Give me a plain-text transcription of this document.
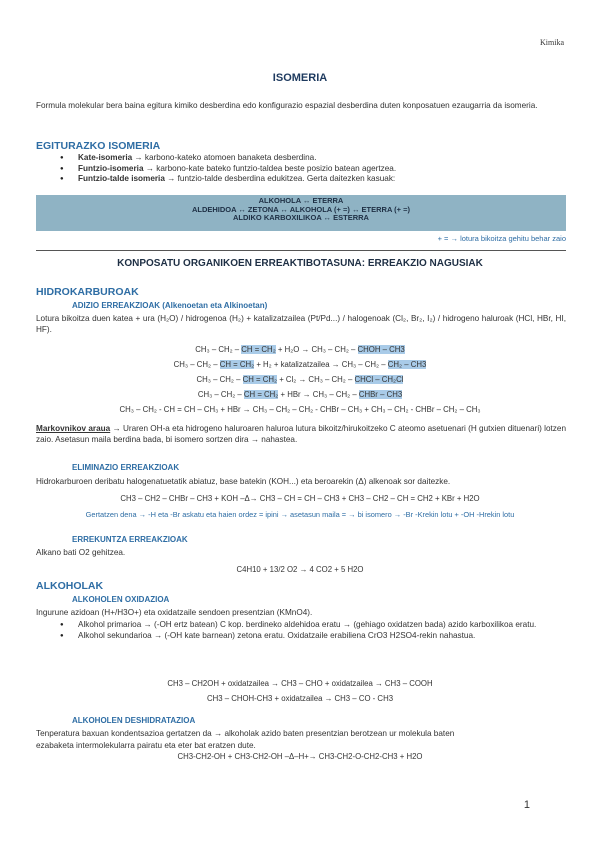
Kimika
ISOMERIA
Formula molekular bera baina egitura kimiko desberdina edo konfigurazio espazial desberdina duten konposatuen ezaugarria da isomeria.
EGITURAZKO ISOMERIA
● Kate-isomeria → karbono-kateko atomoen banaketa desberdina.
● Funtzio-isomeria → karbono-kate bateko funtzio-taldea beste posizio batean agertzea.
● Funtzio-talde isomeria → funtzio-talde desberdina edukitzea. Gerta daitezken kasuak:
ALKOHOLA ↔ ETERRA
ALDEHIDOA ↔ ZETONA ↔ ALKOHOLA (+ =) ↔ ETERRA (+ =)
ALDIKO KARBOXILIKOA ↔ ESTERRA
+ = → lotura bikoitza gehitu behar zaio
KONPOSATU ORGANIKOEN ERREAKTIBOTASUNA: ERREAKZIO NAGUSIAK
HIDROKARBUROAK
ADIZIO ERREAKZIOAK (Alkenoetan eta Alkinoetan)
Lotura bikoitza duen katea + ura (H₂O) / hidrogenoa (H₂) + katalizatzailea (Pt/Pd...) / halogenoak (Cl₂, Br₂, I₂) / hidrogeno haluroak (HCl, HBr, HI, HF).
CH₃ – CH₂ – CH = CH₂ + H₂O → CH₃ – CH₂ – CHOH – CH3
CH₃ – CH₂ – CH = CH₂ + H₂ + katalizatzailea → CH₃ – CH₂ – CH₂ – CH3
CH₃ – CH₂ – CH = CH₂ + Cl₂ → CH₃ – CH₂ – CHCl – CH₂Cl
CH₃ – CH₂ – CH = CH₂ + HBr → CH₃ – CH₂ – CHBr – CH3
CH₃ – CH₂ - CH = CH – CH₃ + HBr → CH₃ – CH₂ – CH₂ - CHBr – CH₃ + CH₃ – CH₂ - CHBr – CH₂ – CH₃
Markovnikov araua → Uraren OH-a eta hidrogeno haluroaren haluroa lutura bikoitz/hirukoitzeko C ateomo asetuenari (H gutxien dituenari) lotzen zaio. Asetasun maila berdina bada, bi isomero sortzen dira → nahastea.
ELIMINAZIO ERREAKZIOAK
Hidrokarburoen deribatu halogenatuetatik abiatuz, base batekin (KOH...) eta beroarekin (Δ) alkenoak sor daitezke.
CH3 – CH2 – CHBr – CH3 + KOH –Δ→ CH3 – CH = CH – CH3 + CH3 – CH2 – CH = CH2 + KBr + H2O
Gertatzen dena → -H eta -Br askatu eta haien ordez = ipini → asetasun maila = → bi isomero → -Br -Krekin lotu + -OH -Hrekin lotu
ERREKUNTZA ERREAKZIOAK
Alkano bati O2 gehitzea.
C4H10 + 13/2 O2 → 4 CO2 + 5 H2O
ALKOHOLAK
ALKOHOLEN OXIDAZIOA
Ingurune azidoan (H+/H3O+) eta oxidatzaile sendoen presentzian (KMnO4).
● Alkohol primarioa → (-OH ertz batean) C kop. berdineko aldehidoa eratu → (gehiago oxidatzen bada) azido karboxilikoa eratu.
● Alkohol sekundarioa → (-OH kate barnean) zetona eratu. Oxidatzaile erabiliena CrO3 H2SO4-rekin nahastua.
CH3 – CH2OH + oxidatzailea → CH3 – CHO + oxidatzailea → CH3 – COOH
CH3 – CHOH-CH3 + oxidatzailea → CH3 – CO - CH3
ALKOHOLEN DESHIDRATAZIOA
Tenperatura baxuan kondentsazioa gertatzen da → alkoholak azido baten presentzian berotzean ur molekula baten
ezabaketa intermolekularra pairatu eta eter bat eratzen dute.
CH3-CH2-OH + CH3-CH2-OH –Δ–H+→ CH3-CH2-O-CH2-CH3 + H2O
1
